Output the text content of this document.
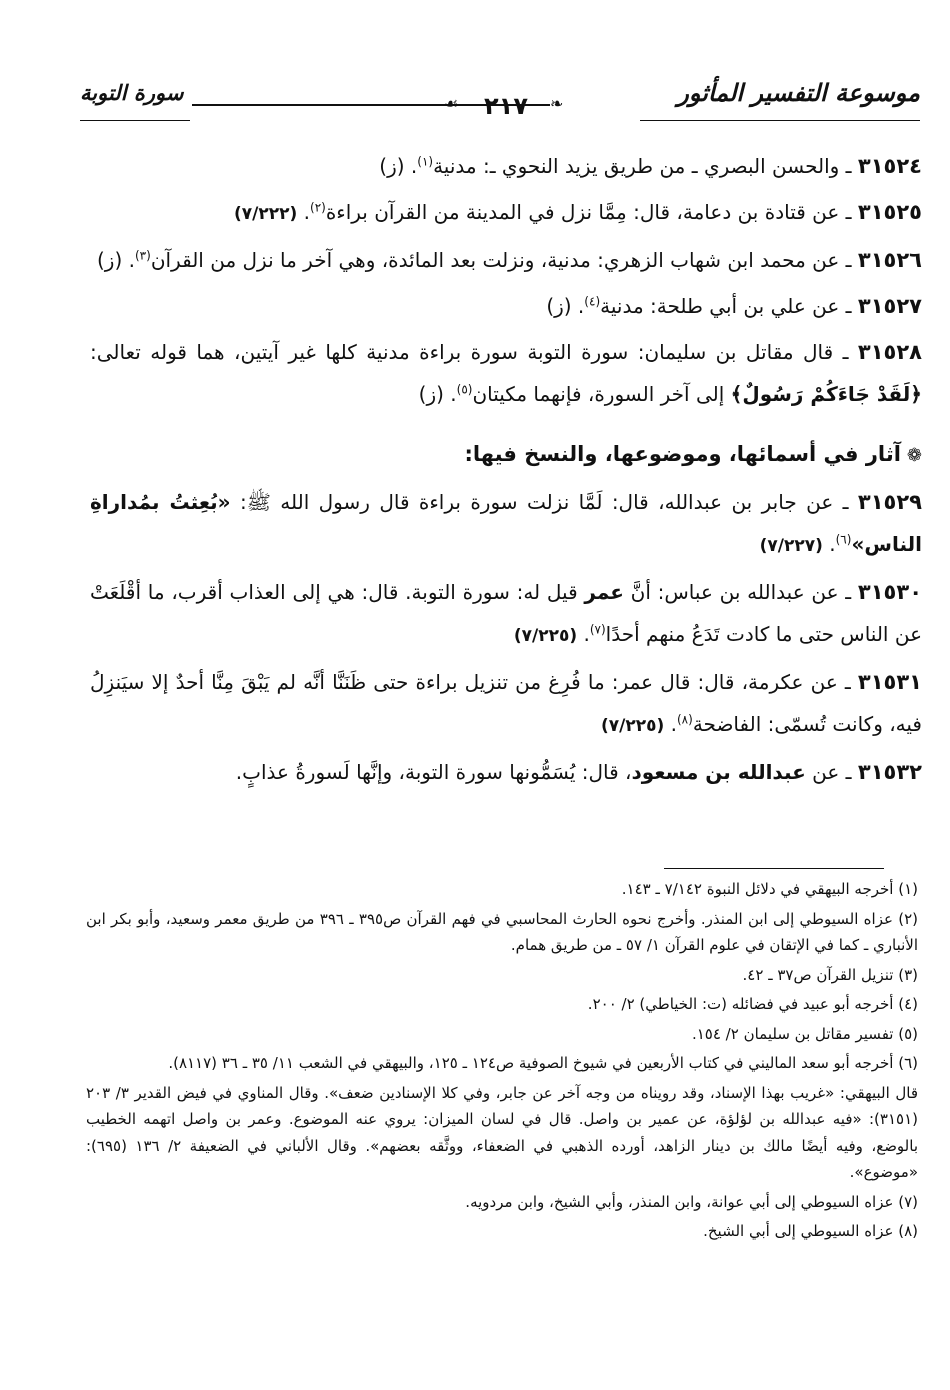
موسوعة التفسير المأثور
❧
٢١٧
☙
سورة التوبة

٣١٥٢٤ ـ والحسن البصري ـ من طريق يزيد النحوي ـ: مدنية$^{(١)}$. (ز)

٣١٥٢٥ ـ عن قتادة بن دعامة، قال: مِمَّا نزل في المدينة من القرآن براءة$^{(٢)}$. (٧/٢٢٢)

٣١٥٢٦ ـ عن محمد ابن شهاب الزهري: مدنية، ونزلت بعد المائدة، وهي آخر ما نزل من القرآن$^{(٣)}$. (ز)

٣١٥٢٧ ـ عن علي بن أبي طلحة: مدنية$^{(٤)}$. (ز)

٣١٥٢٨ ـ قال مقاتل بن سليمان: سورة التوبة سورة براءة مدنية كلها غير آيتين، هما قوله تعالى: ﴿لَقَدْ جَاءَكُمْ رَسُولٌ﴾ إلى آخر السورة، فإنهما مكيتان$^{(٥)}$. (ز)

❁آثار في أسمائها، وموضوعها، والنسخ فيها:

٣١٥٢٩ ـ عن جابر بن عبدالله، قال: لَمَّا نزلت سورة براءة قال رسول الله ﷺ: «بُعِثتُ بمُداراةِ الناس»$^{(٦)}$. (٧/٢٢٧)

٣١٥٣٠ ـ عن عبدالله بن عباس: أنَّ عمر قيل له: سورة التوبة. قال: هي إلى العذاب أقرب، ما أقْلَعَتْ عن الناس حتى ما كادت تَدَعُ منهم أحدًا$^{(٧)}$. (٧/٢٢٥)

٣١٥٣١ ـ عن عكرمة، قال: قال عمر: ما فُرِغ من تنزيل براءة حتى ظَنَنَّا أنَّه لم يَبْقَ مِنَّا أحدٌ إلا سيَنزِلُ فيه، وكانت تُسمّى: الفاضحة$^{(٨)}$. (٧/٢٢٥)

٣١٥٣٢ ـ عن عبدالله بن مسعود، قال: يُسَمُّونها سورة التوبة، وإنَّها لَسورةُ عذابٍ.

(١) أخرجه البيهقي في دلائل النبوة ٧/١٤٢ ـ ١٤٣.

(٢) عزاه السيوطي إلى ابن المنذر. وأخرج نحوه الحارث المحاسبي في فهم القرآن ص٣٩٥ ـ ٣٩٦ من طريق معمر وسعيد، وأبو بكر ابن الأنباري ـ كما في الإتقان في علوم القرآن ١/ ٥٧ ـ من طريق همام.

(٣) تنزيل القرآن ص٣٧ ـ ٤٢.

(٤) أخرجه أبو عبيد في فضائله (ت: الخياطي) ٢/ ٢٠٠.

(٥) تفسير مقاتل بن سليمان ٢/ ١٥٤.

(٦) أخرجه أبو سعد الماليني في كتاب الأربعين في شيوخ الصوفية ص١٢٤ ـ ١٢٥، والبيهقي في الشعب ١١/ ٣٥ ـ ٣٦ (٨١١٧).

قال البيهقي: «غريب بهذا الإسناد، وقد رويناه من وجه آخر عن جابر، وفي كلا الإسنادين ضعف». وقال المناوي في فيض القدير ٣/ ٢٠٣ (٣١٥١): «فيه عبدالله بن لؤلؤة، عن عمير بن واصل. قال في لسان الميزان: يروي عنه الموضوع. وعمر بن واصل اتهمه الخطيب بالوضع، وفيه أيضًا مالك بن دينار الزاهد، أورده الذهبي في الضعفاء، ووثَّقه بعضهم». وقال الألباني في الضعيفة ٢/ ١٣٦ (٦٩٥): «موضوع».

(٧) عزاه السيوطي إلى أبي عوانة، وابن المنذر، وأبي الشيخ، وابن مردويه.

(٨) عزاه السيوطي إلى أبي الشيخ.
